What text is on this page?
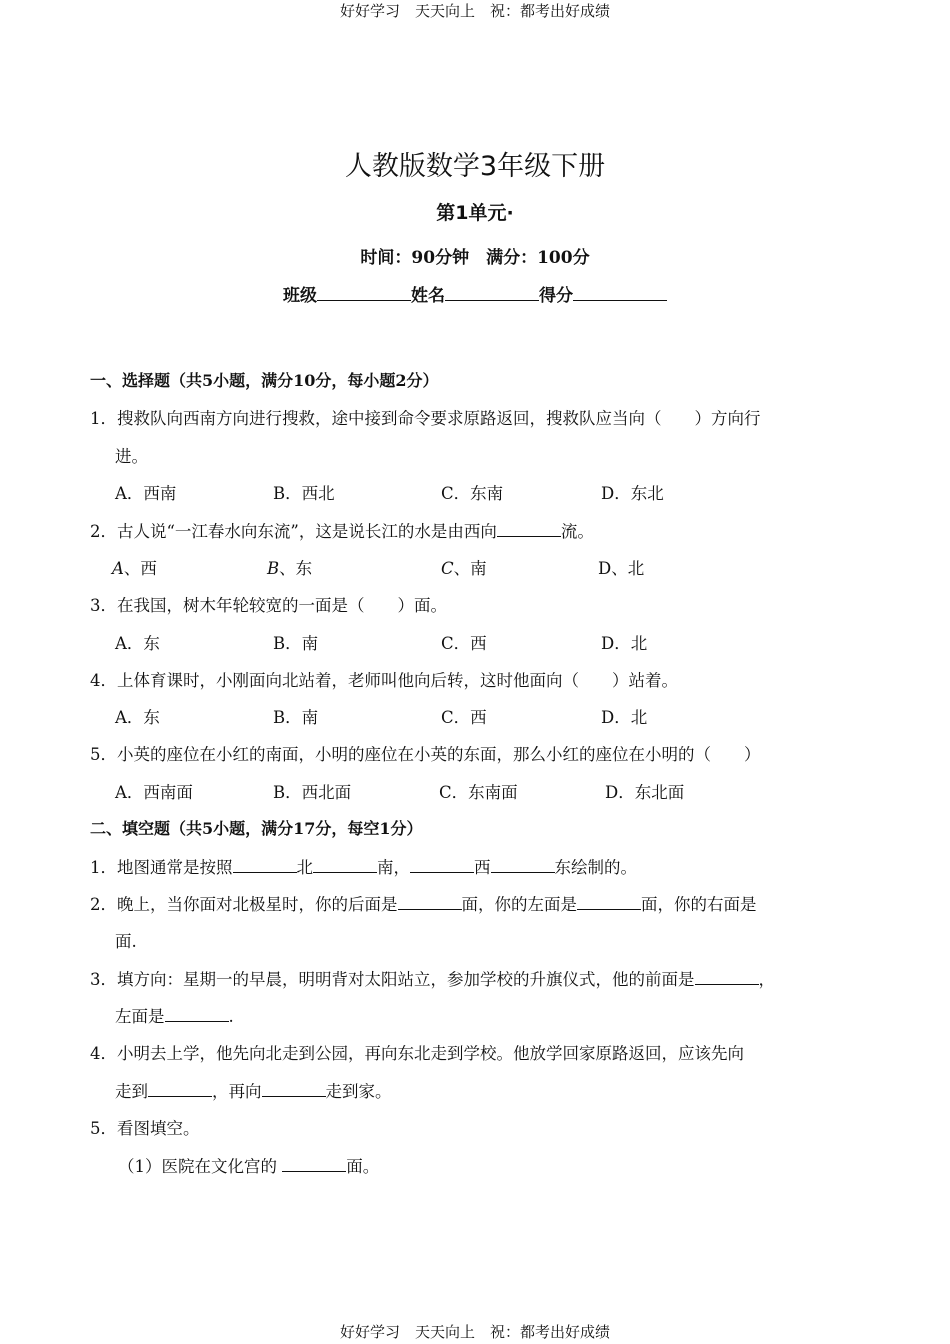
好好学习　天天向上　祝：都考出好成绩
人教版数学3年级下册
第1单元·
时间：90分钟　满分：100分
班级	姓名	得分
一、选择题（共5小题，满分10分，每小题2分）
1．搜救队向西南方向进行搜救，途中接到命令要求原路返回，搜救队应当向（　　）方向行
进。
A．西南	B．西北	C．东南	D．东北
2．古人说“一江春水向东流”，这是说长江的水是由西向	流。
A、西	B、东	C、南	D、北
3．在我国，树木年轮较宽的一面是（　　）面。
A．东	B．南	C．西	D．北
4．上体育课时，小刚面向北站着，老师叫他向后转，这时他面向（　　）站着。
A．东	B．南	C．西	D．北
5．小英的座位在小红的南面，小明的座位在小英的东面，那么小红的座位在小明的（　　）
A．西南面	B．西北面	C．东南面	D．东北面
二、填空题（共5小题，满分17分，每空1分）
1．地图通常是按照	北	南，	西	东绘制的。
2．晚上，当你面对北极星时，你的后面是	面，你的左面是	面，你的右面是
面.
3．填方向：星期一的早晨，明明背对太阳站立，参加学校的升旗仪式，他的前面是	，
左面是	.
4．小明去上学，他先向北走到公园，再向东北走到学校。他放学回家原路返回，应该先向
走到	，再向	走到家。
5．看图填空。
（1）医院在文化宫的	面。
好好学习　天天向上　祝：都考出好成绩
